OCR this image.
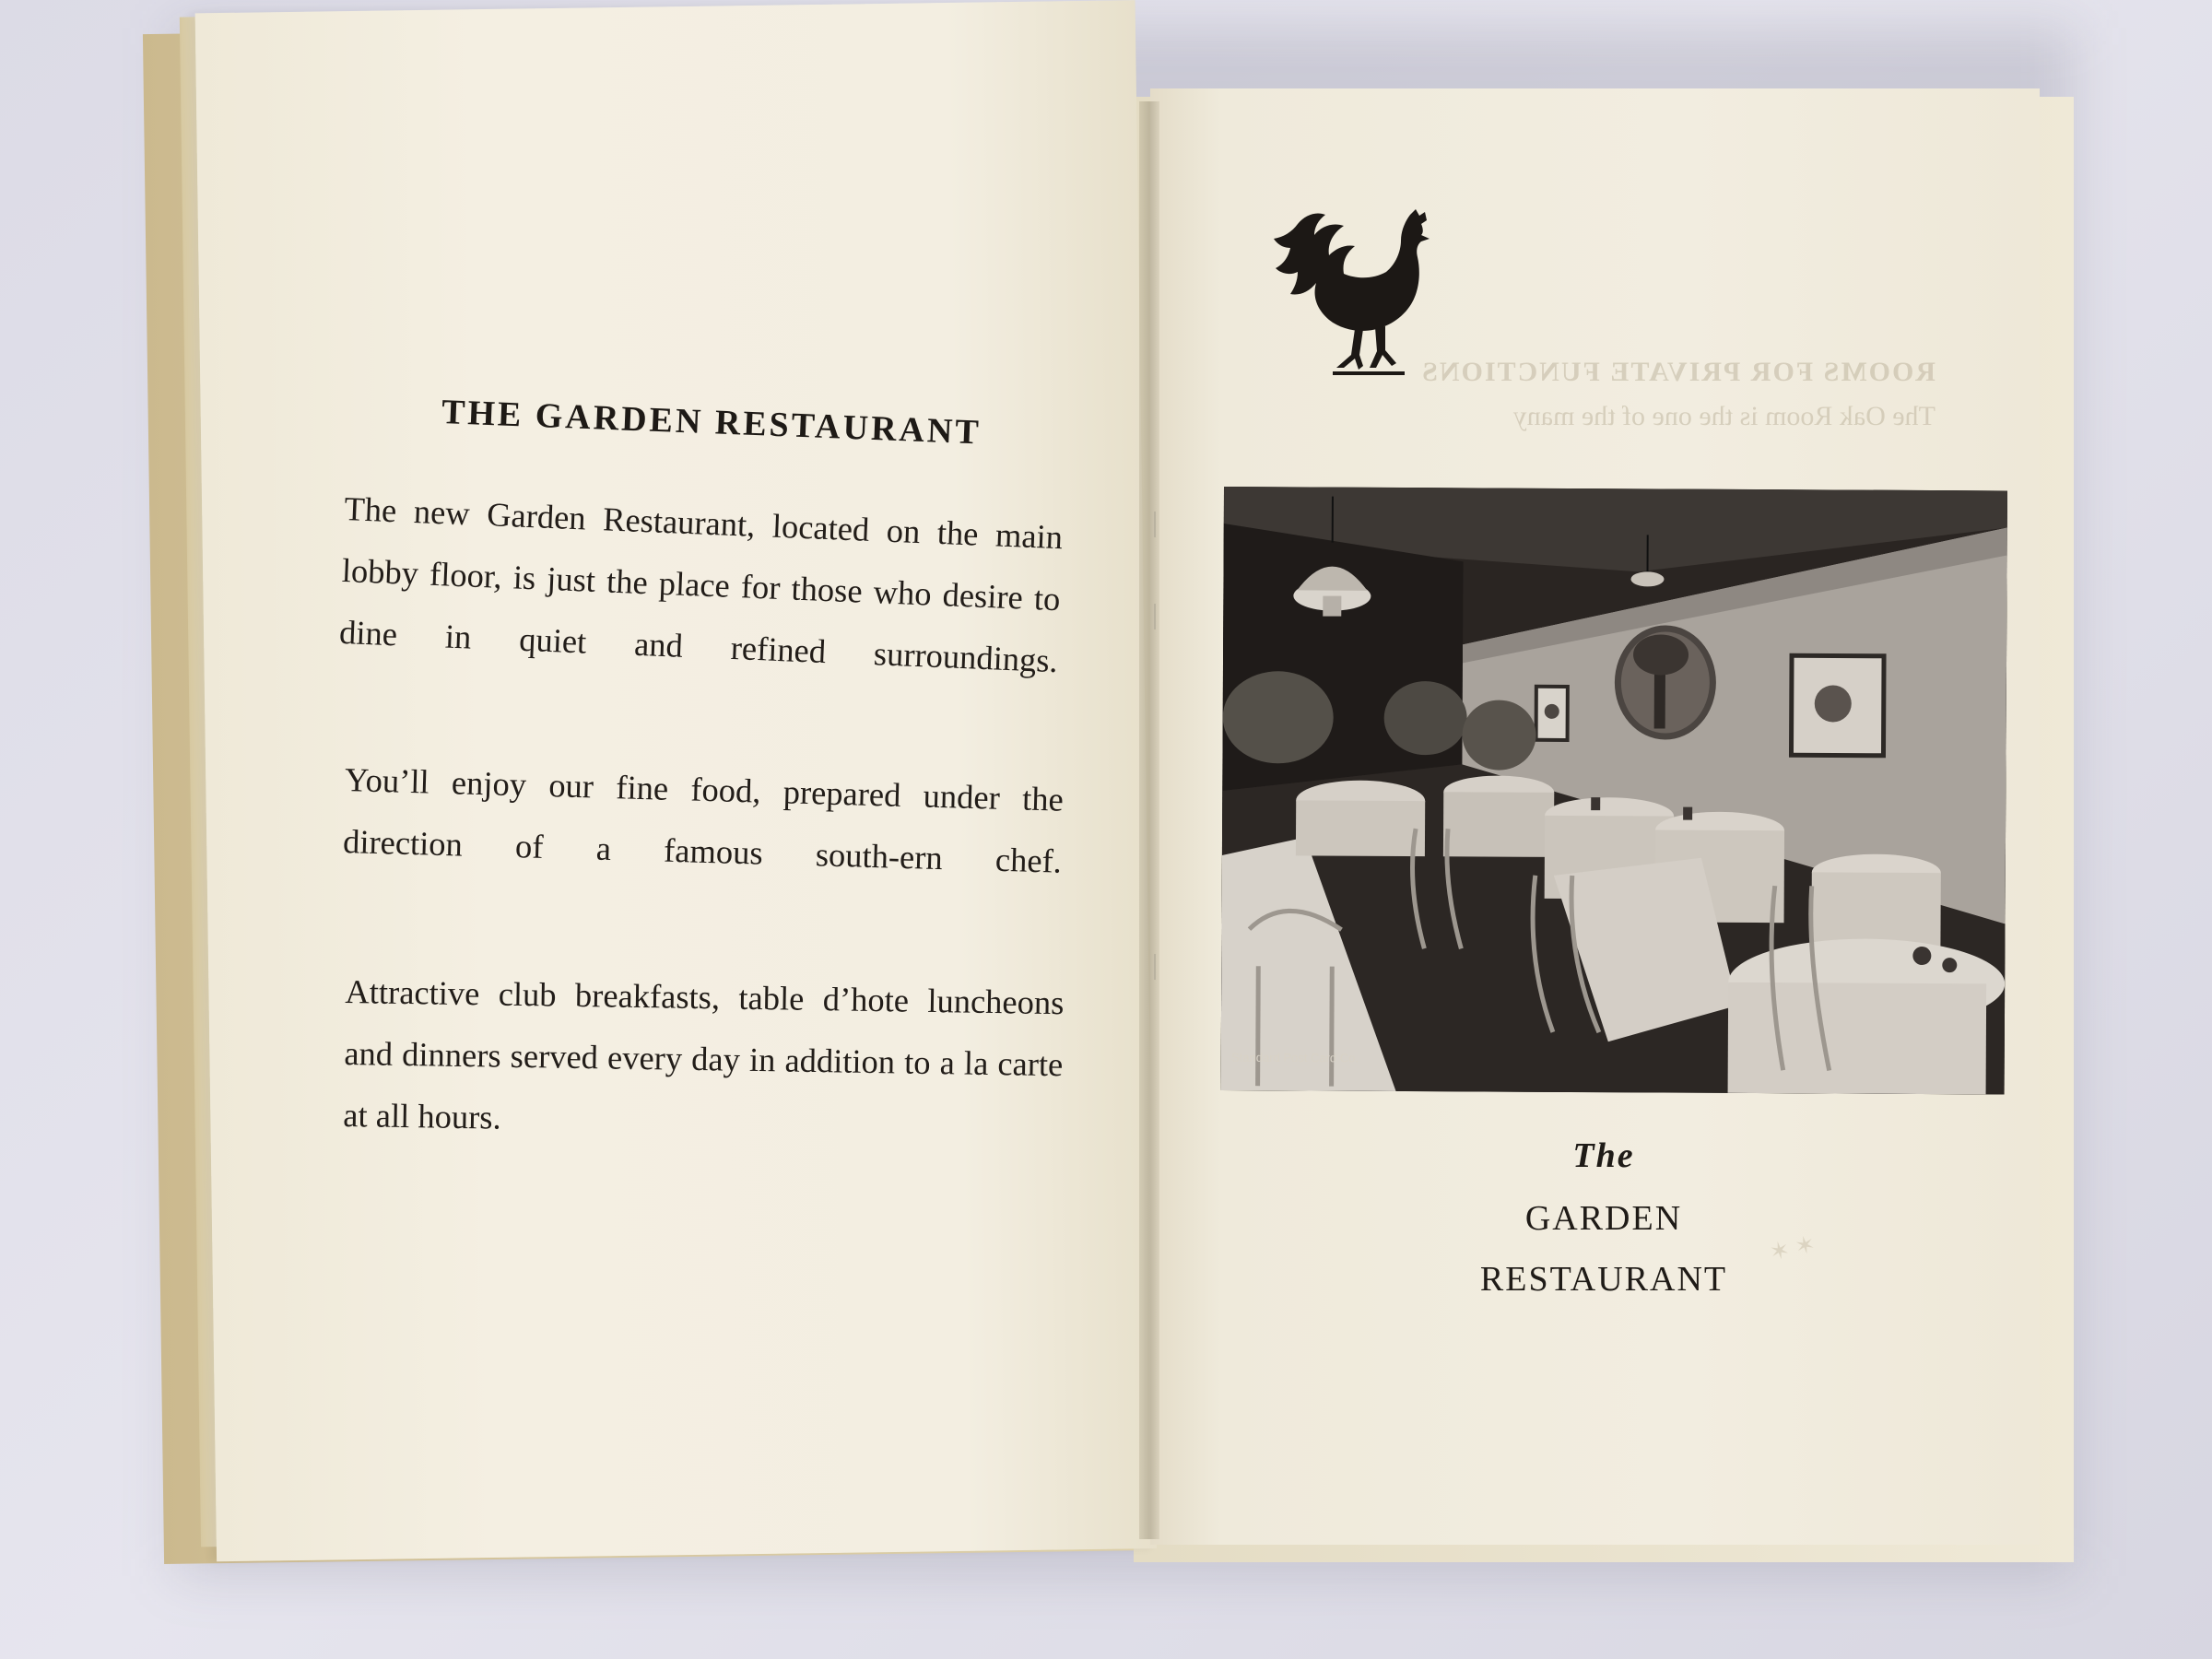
THE GARDEN RESTAURANT
The new Garden Restaurant, located on the main lobby floor, is just the place for those who desire to dine in quiet and refined surroundings.
You’ll enjoy our fine food, prepared under the direction of a famous south-ern chef.
Attractive club breakfasts, table d’hote luncheons and dinners served every day in addition to a la carte at all hours.
ROOMS FOR PRIVATE FUNCTIONS
The Oak Room is the one of the many
Standard Post Card Co.
The
GARDEN
RESTAURANT
✶ ✶
